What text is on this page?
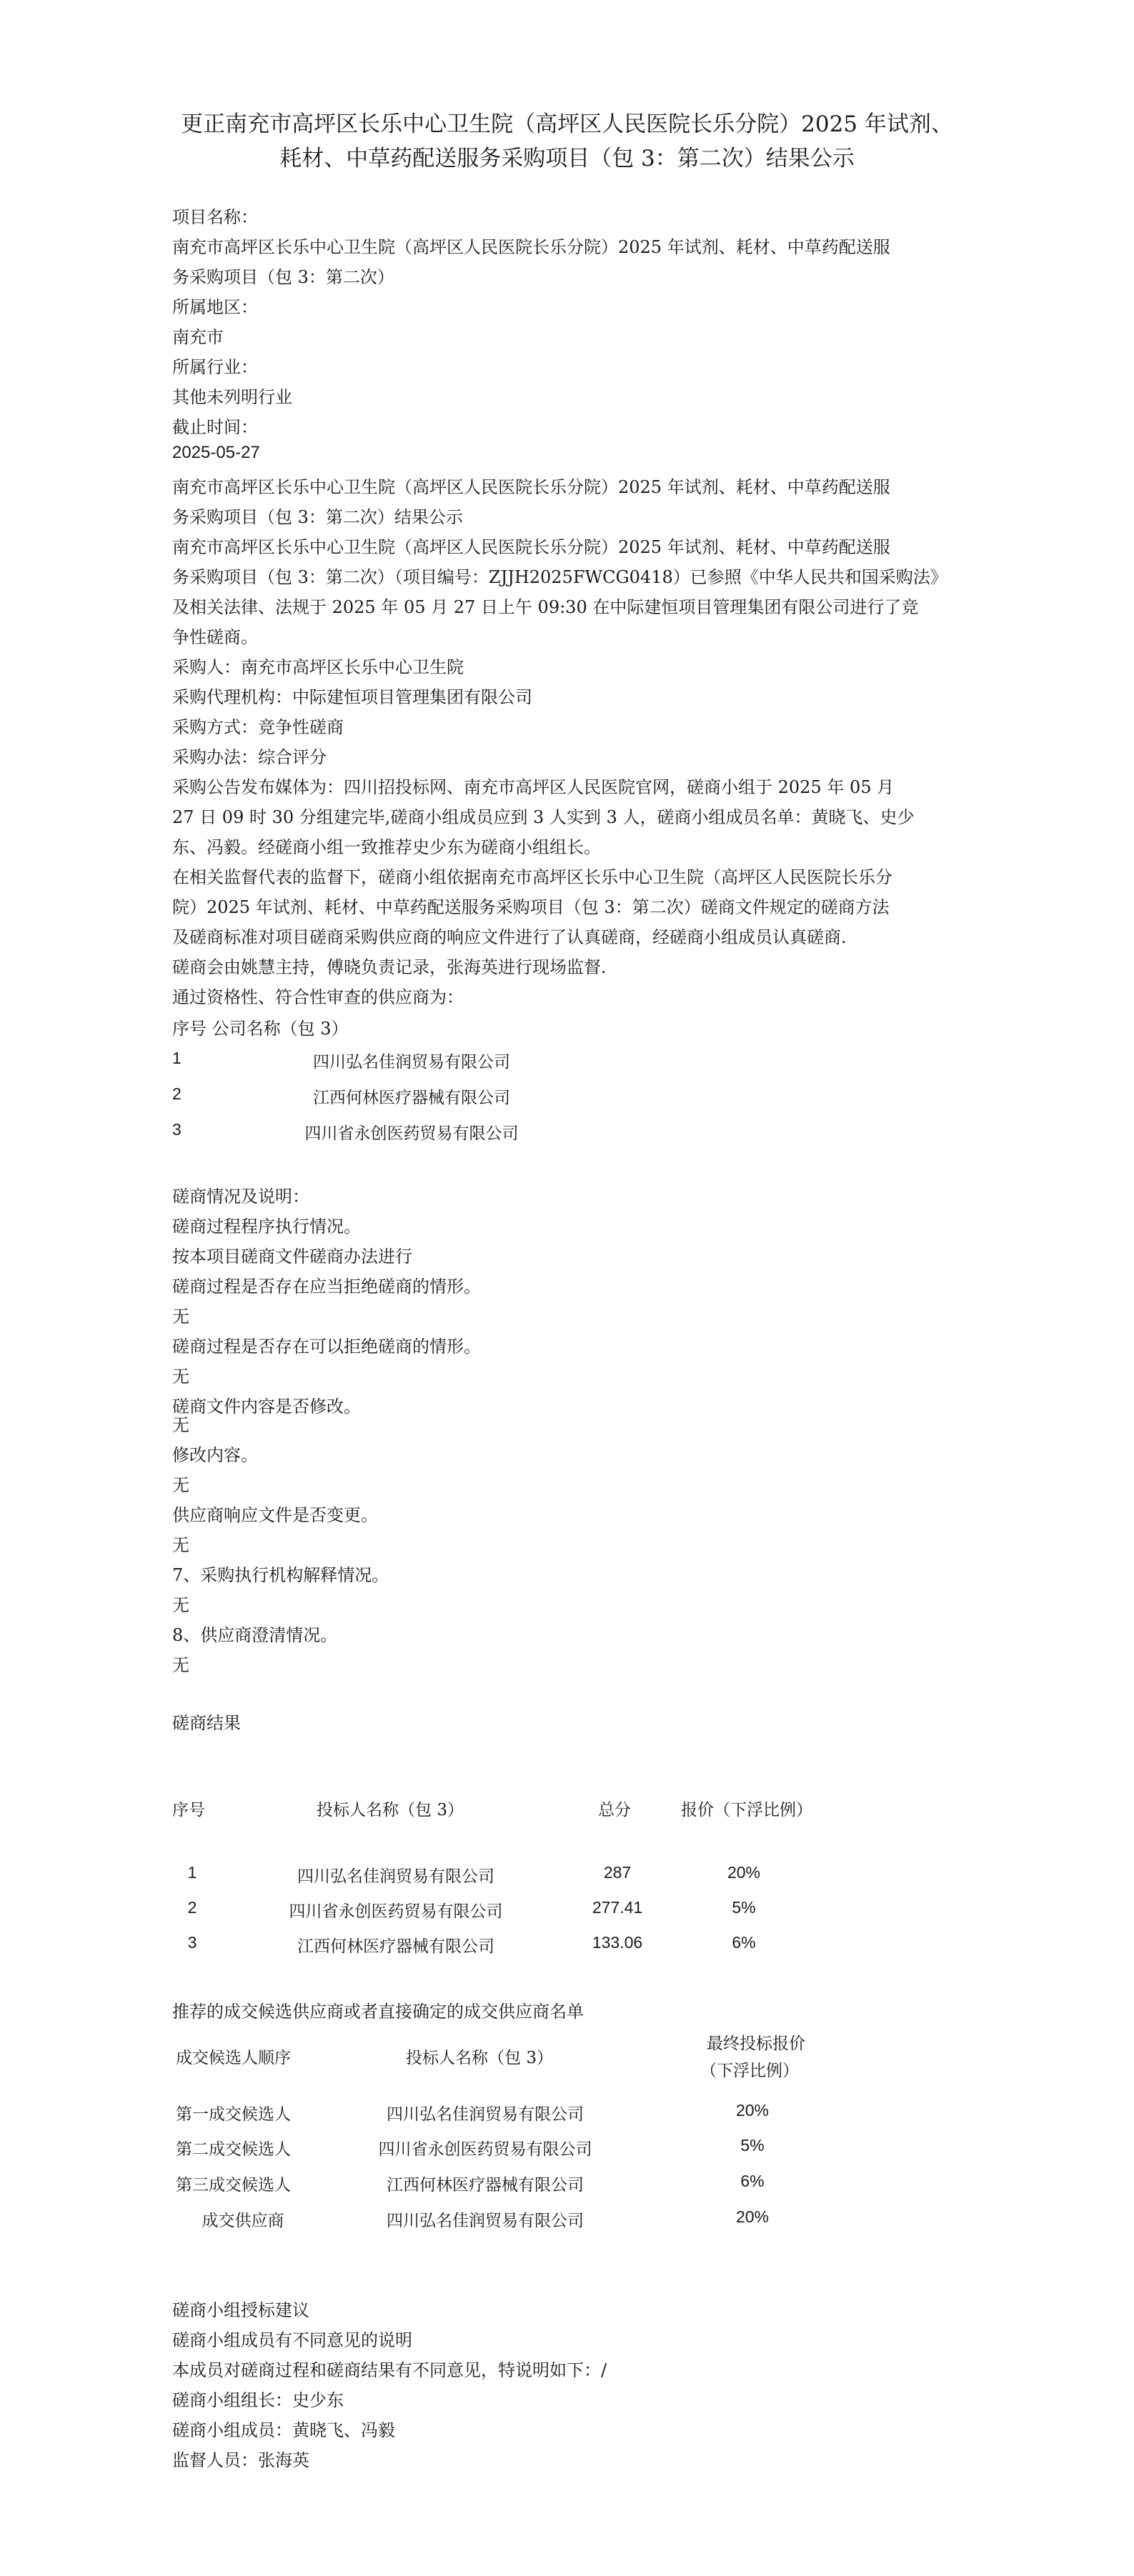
更正南充市高坪区长乐中心卫生院（高坪区人民医院长乐分院）2025 年试剂、
耗材、中草药配送服务采购项目（包 3：第二次）结果公示
项目名称：
南充市高坪区长乐中心卫生院（高坪区人民医院长乐分院）2025 年试剂、耗材、中草药配送服
务采购项目（包 3：第二次）
所属地区：
南充市
所属行业：
其他未列明行业
截止时间：
2025-05-27
南充市高坪区长乐中心卫生院（高坪区人民医院长乐分院）2025 年试剂、耗材、中草药配送服
务采购项目（包 3：第二次）结果公示
南充市高坪区长乐中心卫生院（高坪区人民医院长乐分院）2025 年试剂、耗材、中草药配送服
务采购项目（包 3：第二次）（项目编号：ZJJH2025FWCG0418）已参照《中华人民共和国采购法》
及相关法律、法规于 2025 年 05 月 27 日上午 09:30 在中际建恒项目管理集团有限公司进行了竞
争性磋商。
采购人：南充市高坪区长乐中心卫生院
采购代理机构：中际建恒项目管理集团有限公司
采购方式：竞争性磋商
采购办法：综合评分
采购公告发布媒体为：四川招投标网、南充市高坪区人民医院官网，磋商小组于 2025 年 05 月
27 日 09 时 30 分组建完毕,磋商小组成员应到 3 人实到 3 人，磋商小组成员名单：黄晓飞、史少
东、冯毅。经磋商小组一致推荐史少东为磋商小组组长。
在相关监督代表的监督下，磋商小组依据南充市高坪区长乐中心卫生院（高坪区人民医院长乐分
院）2025 年试剂、耗材、中草药配送服务采购项目（包 3：第二次）磋商文件规定的磋商方法
及磋商标准对项目磋商采购供应商的响应文件进行了认真磋商，经磋商小组成员认真磋商.
磋商会由姚慧主持，傅晓负责记录，张海英进行现场监督.
通过资格性、符合性审查的供应商为：
序号 公司名称（包 3）
1	四川弘名佳润贸易有限公司
2	江西何林医疗器械有限公司
3	四川省永创医药贸易有限公司
磋商情况及说明：
磋商过程程序执行情况。
按本项目磋商文件磋商办法进行
磋商过程是否存在应当拒绝磋商的情形。
无
磋商过程是否存在可以拒绝磋商的情形。
无
磋商文件内容是否修改。
无
修改内容。
无
供应商响应文件是否变更。
无
7、采购执行机构解释情况。
无
8、供应商澄清情况。
无
磋商结果
序号	投标人名称（包 3）	总分	报价（下浮比例）
1	四川弘名佳润贸易有限公司	287	20%
2	四川省永创医药贸易有限公司	277.41	5%
3	江西何林医疗器械有限公司	133.06	6%
推荐的成交候选供应商或者直接确定的成交供应商名单
成交候选人顺序	投标人名称（包 3）
最终投标报价
（下浮比例）
第一成交候选人	四川弘名佳润贸易有限公司	20%
第二成交候选人	四川省永创医药贸易有限公司	5%
第三成交候选人	江西何林医疗器械有限公司	6%
成交供应商	四川弘名佳润贸易有限公司	20%
磋商小组授标建议
磋商小组成员有不同意见的说明
本成员对磋商过程和磋商结果有不同意见，特说明如下：/
磋商小组组长：史少东
磋商小组成员：黄晓飞、冯毅
监督人员：张海英
